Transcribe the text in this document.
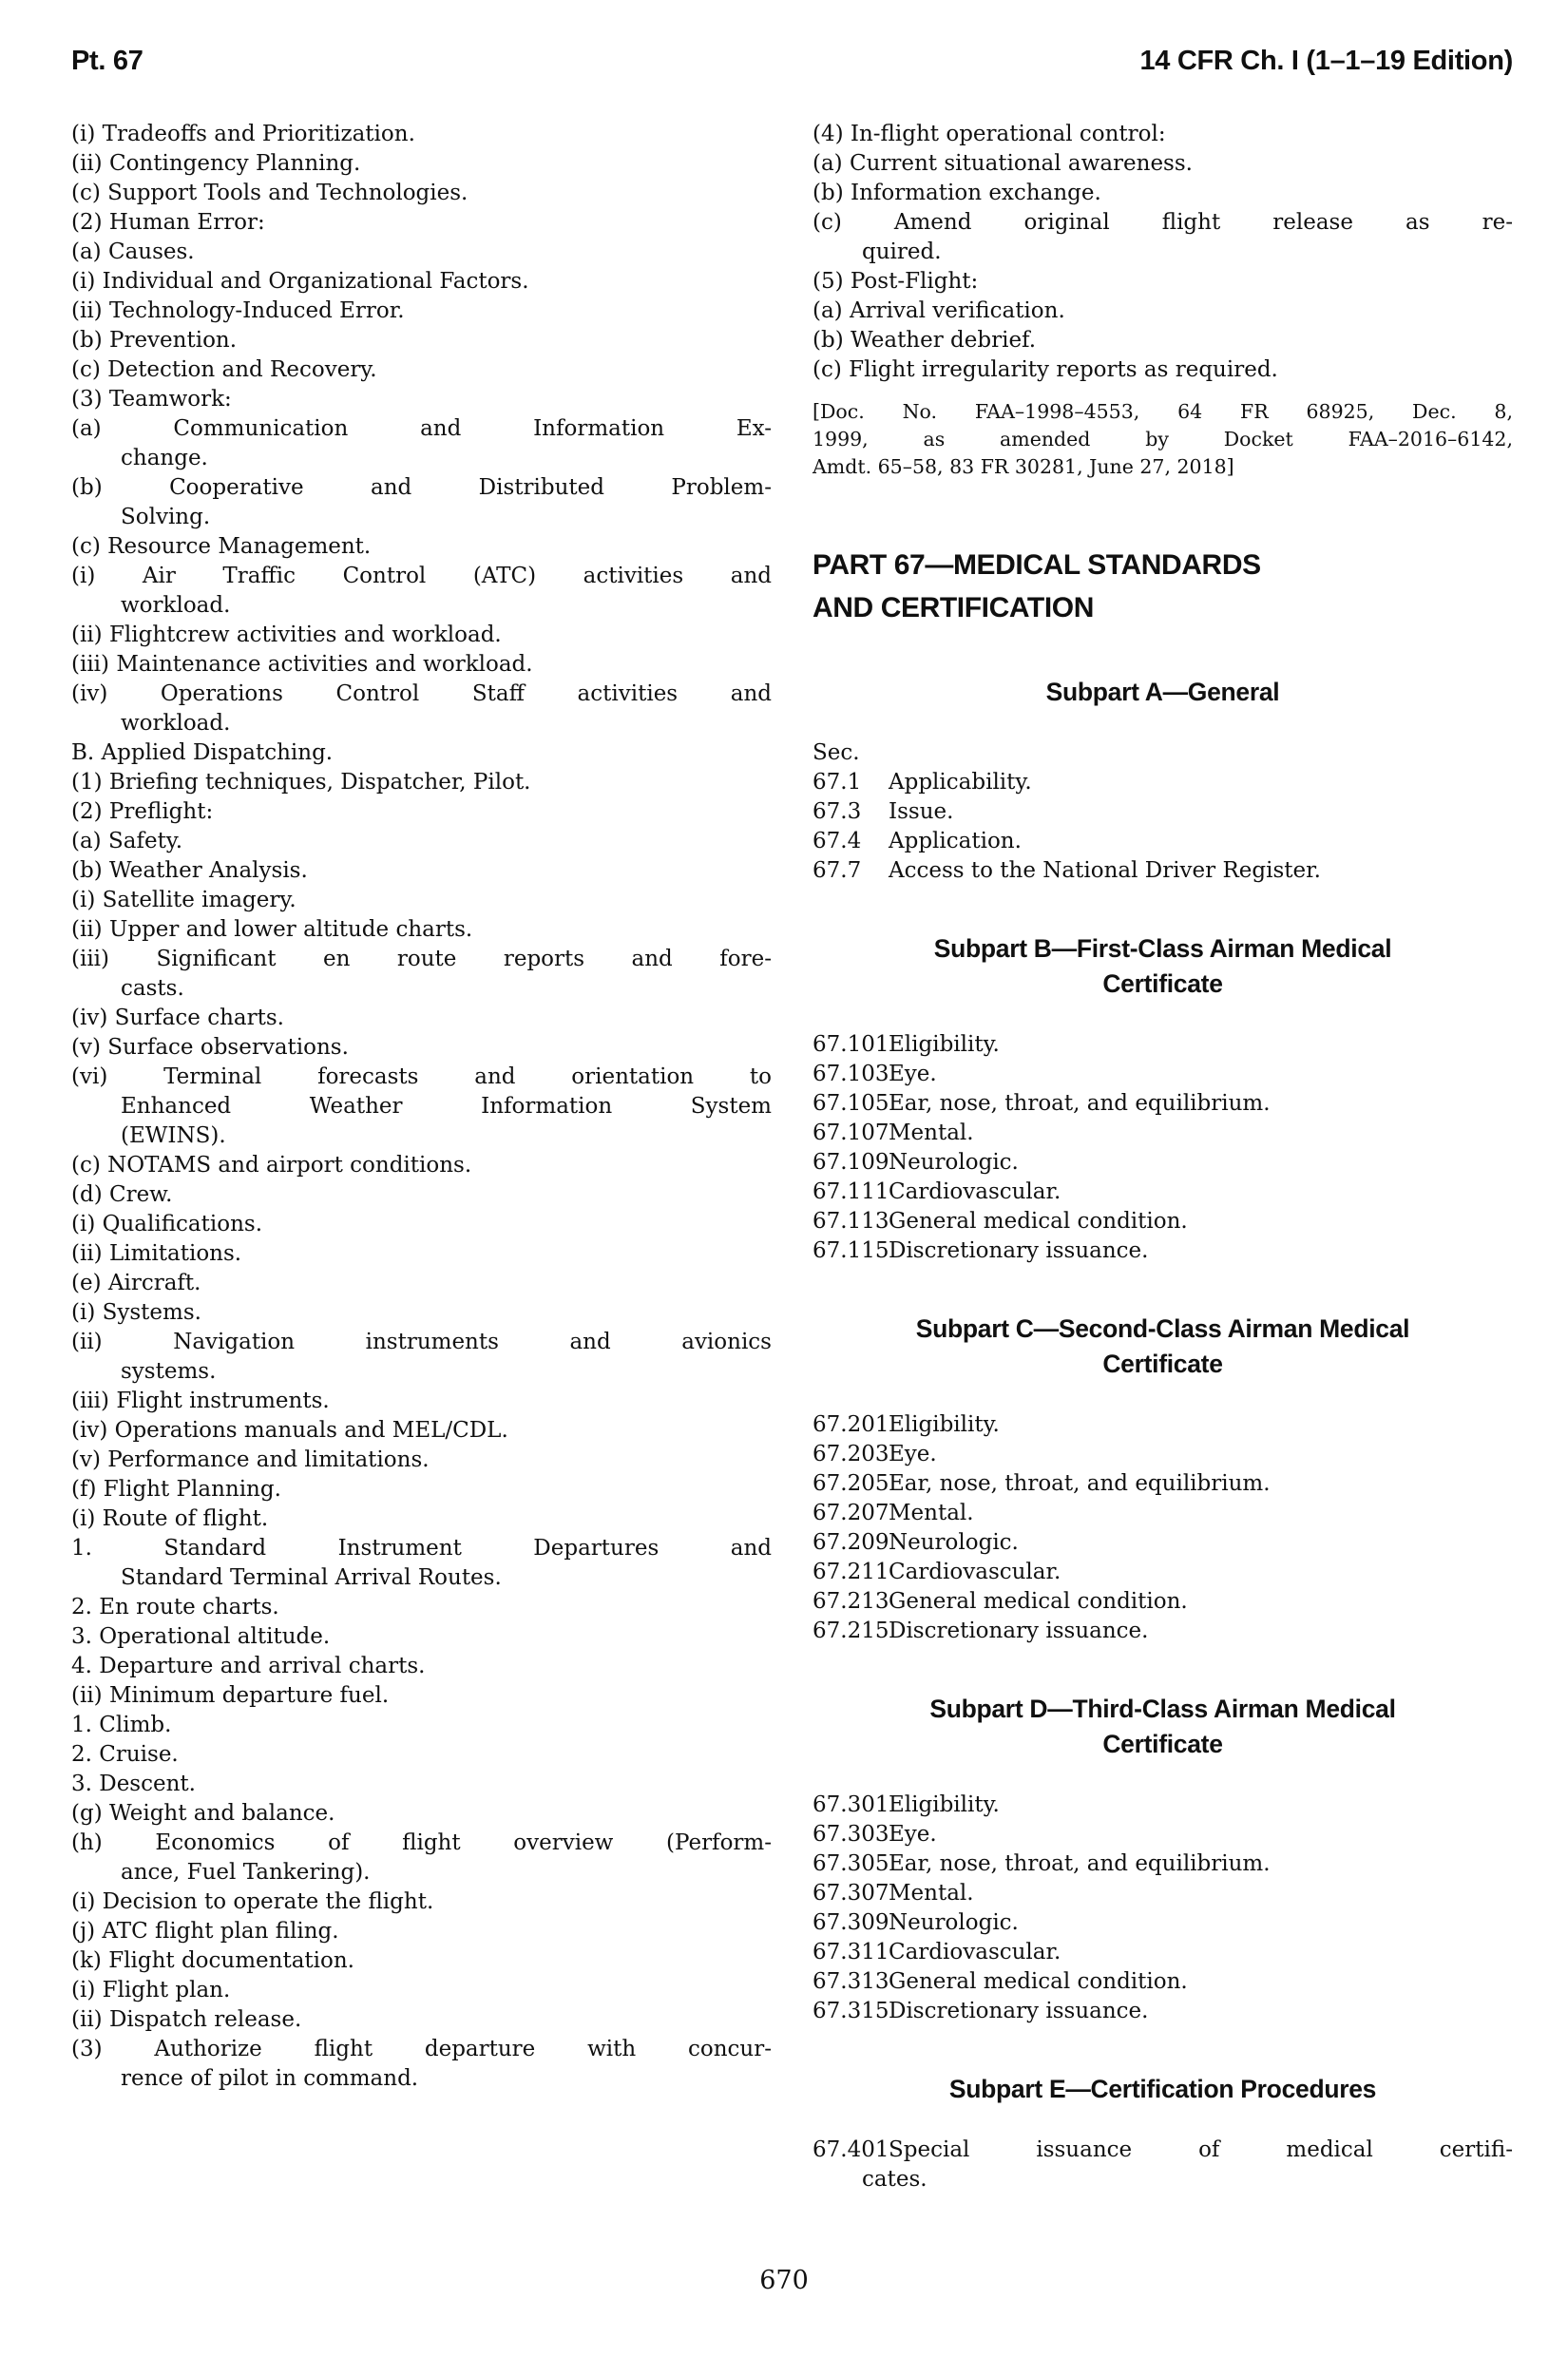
Pt. 67	14 CFR Ch. I (1–1–19 Edition)
(i) Tradeoffs and Prioritization.
(ii) Contingency Planning.
(c) Support Tools and Technologies.
(2) Human Error:
(a) Causes.
(i) Individual and Organizational Factors.
(ii) Technology-Induced Error.
(b) Prevention.
(c) Detection and Recovery.
(3) Teamwork:
(a) Communication and Information Ex-
change.
(b) Cooperative and Distributed Problem-
Solving.
(c) Resource Management.
(i) Air Traffic Control (ATC) activities and
workload.
(ii) Flightcrew activities and workload.
(iii) Maintenance activities and workload.
(iv) Operations Control Staff activities and
workload.
B. Applied Dispatching.
(1) Briefing techniques, Dispatcher, Pilot.
(2) Preflight:
(a) Safety.
(b) Weather Analysis.
(i) Satellite imagery.
(ii) Upper and lower altitude charts.
(iii) Significant en route reports and fore-
casts.
(iv) Surface charts.
(v) Surface observations.
(vi) Terminal forecasts and orientation to
Enhanced Weather Information System
(EWINS).
(c) NOTAMS and airport conditions.
(d) Crew.
(i) Qualifications.
(ii) Limitations.
(e) Aircraft.
(i) Systems.
(ii) Navigation instruments and avionics
systems.
(iii) Flight instruments.
(iv) Operations manuals and MEL/CDL.
(v) Performance and limitations.
(f) Flight Planning.
(i) Route of flight.
1. Standard Instrument Departures and
Standard Terminal Arrival Routes.
2. En route charts.
3. Operational altitude.
4. Departure and arrival charts.
(ii) Minimum departure fuel.
1. Climb.
2. Cruise.
3. Descent.
(g) Weight and balance.
(h) Economics of flight overview (Perform-
ance, Fuel Tankering).
(i) Decision to operate the flight.
(j) ATC flight plan filing.
(k) Flight documentation.
(i) Flight plan.
(ii) Dispatch release.
(3) Authorize flight departure with concur-
rence of pilot in command.
(4) In-flight operational control:
(a) Current situational awareness.
(b) Information exchange.
(c) Amend original flight release as re-
quired.
(5) Post-Flight:
(a) Arrival verification.
(b) Weather debrief.
(c) Flight irregularity reports as required.
[Doc. No. FAA–1998–4553, 64 FR 68925, Dec. 8,
1999, as amended by Docket FAA–2016–6142,
Amdt. 65–58, 83 FR 30281, June 27, 2018]
PART 67—MEDICAL STANDARDS
AND CERTIFICATION
Subpart A—General
Sec.
67.1 Applicability.
67.3 Issue.
67.4 Application.
67.7 Access to the National Driver Register.
Subpart B—First-Class Airman Medical
Certificate
67.101 Eligibility.
67.103 Eye.
67.105 Ear, nose, throat, and equilibrium.
67.107 Mental.
67.109 Neurologic.
67.111 Cardiovascular.
67.113 General medical condition.
67.115 Discretionary issuance.
Subpart C—Second-Class Airman Medical
Certificate
67.201 Eligibility.
67.203 Eye.
67.205 Ear, nose, throat, and equilibrium.
67.207 Mental.
67.209 Neurologic.
67.211 Cardiovascular.
67.213 General medical condition.
67.215 Discretionary issuance.
Subpart D—Third-Class Airman Medical
Certificate
67.301 Eligibility.
67.303 Eye.
67.305 Ear, nose, throat, and equilibrium.
67.307 Mental.
67.309 Neurologic.
67.311 Cardiovascular.
67.313 General medical condition.
67.315 Discretionary issuance.
Subpart E—Certification Procedures
67.401 Special issuance of medical certifi-
cates.
670
